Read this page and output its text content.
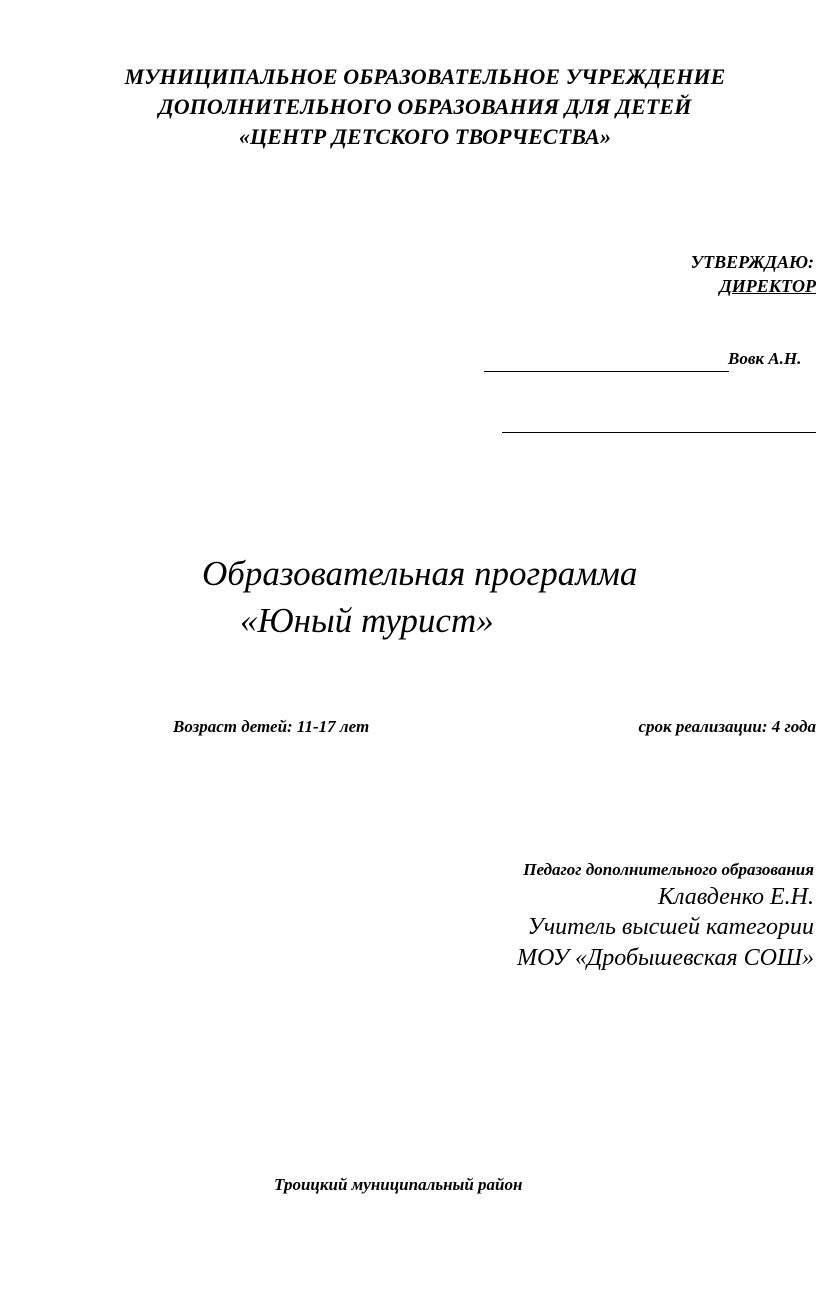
МУНИЦИПАЛЬНОЕ ОБРАЗОВАТЕЛЬНОЕ УЧРЕЖДЕНИЕ
ДОПОЛНИТЕЛЬНОГО ОБРАЗОВАНИЯ ДЛЯ ДЕТЕЙ
«ЦЕНТР ДЕТСКОГО ТВОРЧЕСТВА»
УТВЕРЖДАЮ:
ДИРЕКТОР
Вовк А.Н.
Образовательная программа
«Юный турист»
Возраст детей: 11-17 лет	срок реализации: 4 года
Педагог дополнительного образования
Клавденко Е.Н.
Учитель высшей категории
МОУ «Дробышевская СОШ»
Троицкий муниципальный район
